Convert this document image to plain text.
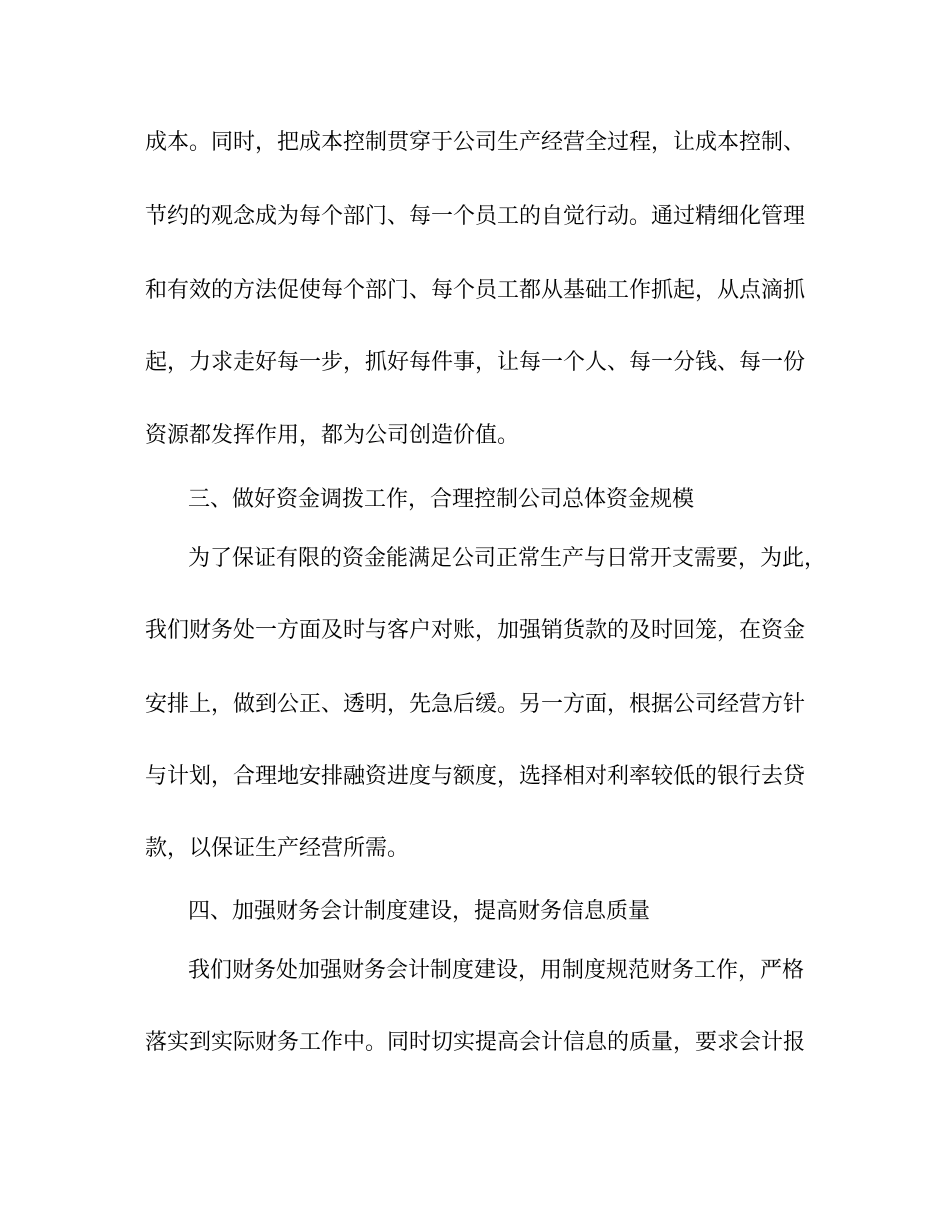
成本。同时，把成本控制贯穿于公司生产经营全过程，让成本控制、
节约的观念成为每个部门、每一个员工的自觉行动。通过精细化管理
和有效的方法促使每个部门、每个员工都从基础工作抓起，从点滴抓
起，力求走好每一步，抓好每件事，让每一个人、每一分钱、每一份
资源都发挥作用，都为公司创造价值。
三、做好资金调拨工作，合理控制公司总体资金规模
为了保证有限的资金能满足公司正常生产与日常开支需要，为此，
我们财务处一方面及时与客户对账，加强销货款的及时回笼，在资金
安排上，做到公正、透明，先急后缓。另一方面，根据公司经营方针
与计划，合理地安排融资进度与额度，选择相对利率较低的银行去贷
款，以保证生产经营所需。
四、加强财务会计制度建设，提高财务信息质量
我们财务处加强财务会计制度建设，用制度规范财务工作，严格
落实到实际财务工作中。同时切实提高会计信息的质量，要求会计报
